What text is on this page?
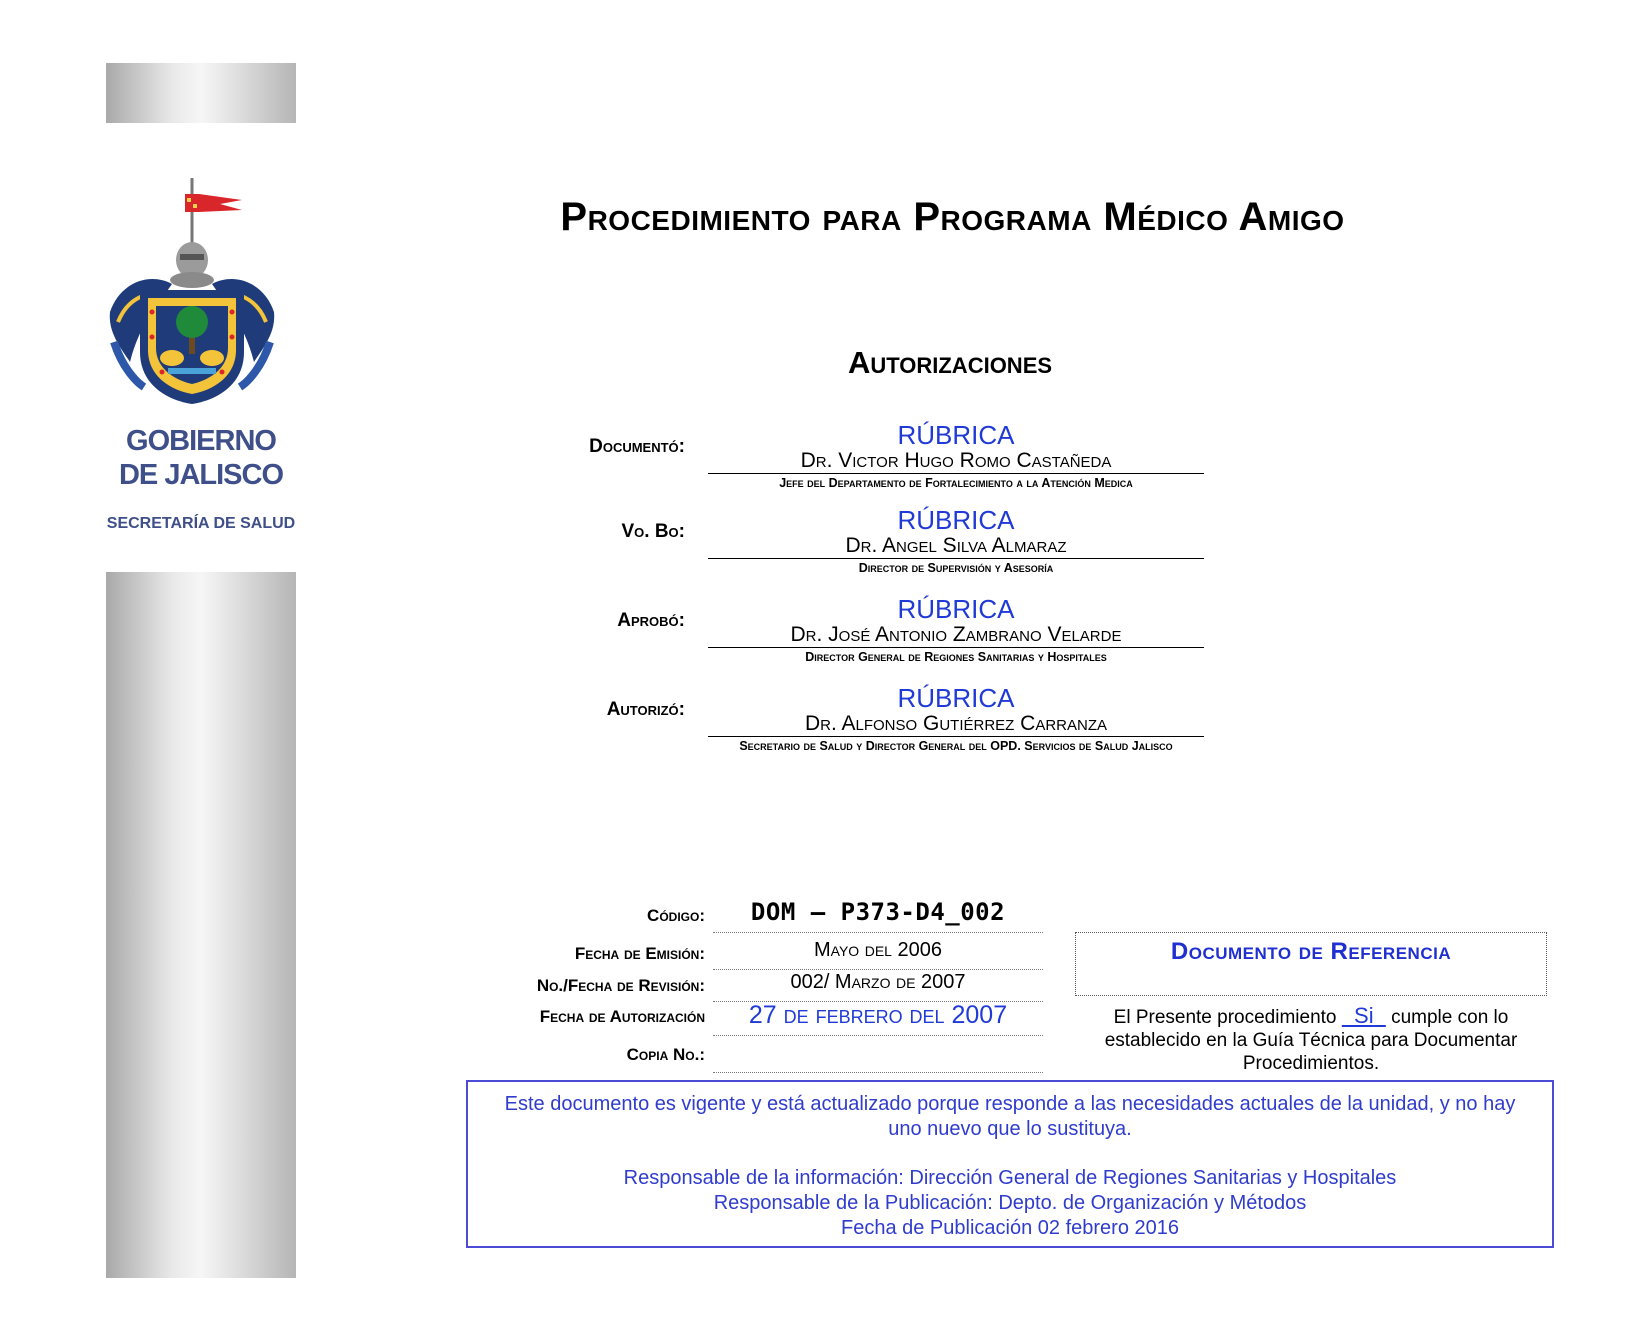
GOBIERNO
DE JALISCO
SECRETARÍA DE SALUD
Procedimiento para Programa Médico Amigo
Autorizaciones
Documentó:	RÚBRICA
Dr. Victor Hugo Romo Castañeda
Jefe del Departamento de Fortalecimiento a la Atención Medica
Vo. Bo:	RÚBRICA
Dr. Angel Silva Almaraz
Director de Supervisión y Asesoría
Aprobó:	RÚBRICA
Dr. José Antonio Zambrano Velarde
Director General de Regiones Sanitarias y Hospitales
Autorizó:	RÚBRICA
Dr. Alfonso Gutiérrez Carranza
Secretario de Salud y Director General del OPD. Servicios de Salud Jalisco
Código:	DOM – P373-D4_002
Fecha de Emisión:	Mayo del 2006
No./Fecha de Revisión:	002/ Marzo de 2007
Fecha de Autorización	27 de febrero del 2007
Copia No.:
Documento de Referencia
El Presente procedimiento Si cumple con lo establecido en la Guía Técnica para Documentar Procedimientos.
Este documento es vigente y está actualizado porque responde a las necesidades actuales de la unidad, y no hay uno nuevo que lo sustituya.
Responsable de la información: Dirección General de Regiones Sanitarias y Hospitales
Responsable de la Publicación: Depto. de Organización y Métodos
Fecha de Publicación 02 febrero 2016
